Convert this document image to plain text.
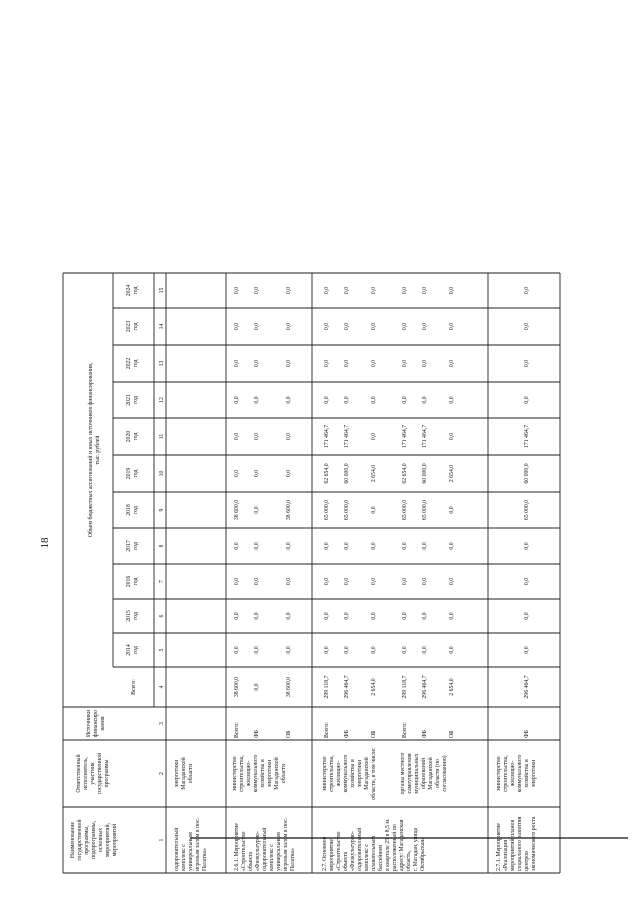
18
Наименование государственной программы, подпрограммы, основных мероприятий, мероприятий
Ответственный исполнитель, участник государственной программы
Источники финансиро вания
Объем бюджетных ассигнований и иных источников финансирования, тыс. рублей
Всего:
2014 год
2015 год
2016 год
2017 год
2018 год
2019 год
2020 год
2021 год
2022 год
2023 год
2024 год
1
2
3
4
5
6
7
8
9
10
11
12
13
14
15
оздоровительный комплекс с универсальным игровым залом в пос. Палатка»
энергетики Магаданской области
2.6.1. Мероприятие «Строительство объекта «Физкультурно- оздоровительный комплекс с универсальным игровым залом в пос. Палатка»
министерство строительства, жилищно- коммунального хозяйства и энергетики Магаданской области
Всего:
38 600,0
0,0
0,0
0,0
0,0
38 600,0
0,0
0,0
0,0
0,0
0,0
0,0
ФБ
0,0
0,0
0,0
0,0
0,0
0,0
0,0
0,0
0,0
0,0
0,0
0,0
ОБ
38 600,0
0,0
0,0
0,0
0,0
38 600,0
0,0
0,0
0,0
0,0
0,0
0,0
2.7. Основное мероприятие «Строительство объекта «Физкультурно- оздоровительный комплекс с плавательным бассейном в квартале 25 в 8,5 м. расположенный по адресу: Магаданская область, г. Магадан, улица Октябрьская»
министерство строительства, жилищно- коммунального хозяйства и энергетики Магаданской области, в том числе:	органы местного самоуправления муниципальных образований Магаданской области (по согласованию)
Всего:
299 118,7
0,0
0,0
0,0
0,0
65 000,0
62 654,0
171 464,7
0,0
0,0
0,0
0,0
ФБ
296 464,7
0,0
0,0
0,0
0,0
65 000,0
60 000,0
171 464,7
0,0
0,0
0,0
0,0
ОБ
2 654,0
0,0
0,0
0,0
0,0
0,0
2 654,0
0,0
0,0
0,0
0,0
0,0
Всего:
299 118,7
0,0
0,0
0,0
0,0
65 000,0
62 654,0
171 464,7
0,0
0,0
0,0
0,0
ФБ
296 464,7
0,0
0,0
0,0
0,0
65 000,0
60 000,0
171 464,7
0,0
0,0
0,0
0,0
ОБ
2 654,0
0,0
0,0
0,0
0,0
0,0
2 654,0
0,0
0,0
0,0
0,0
0,0
2.7.1. Мероприятие «Реализация мероприятий планов социального развития центров экономического роста
министерство строительства, жилищно- коммунального хозяйства и энергетики
ФБ
296 464,7
0,0
0,0
0,0
0,0
65 000,0
60 000,0
171 464,7
0,0
0,0
0,0
0,0
